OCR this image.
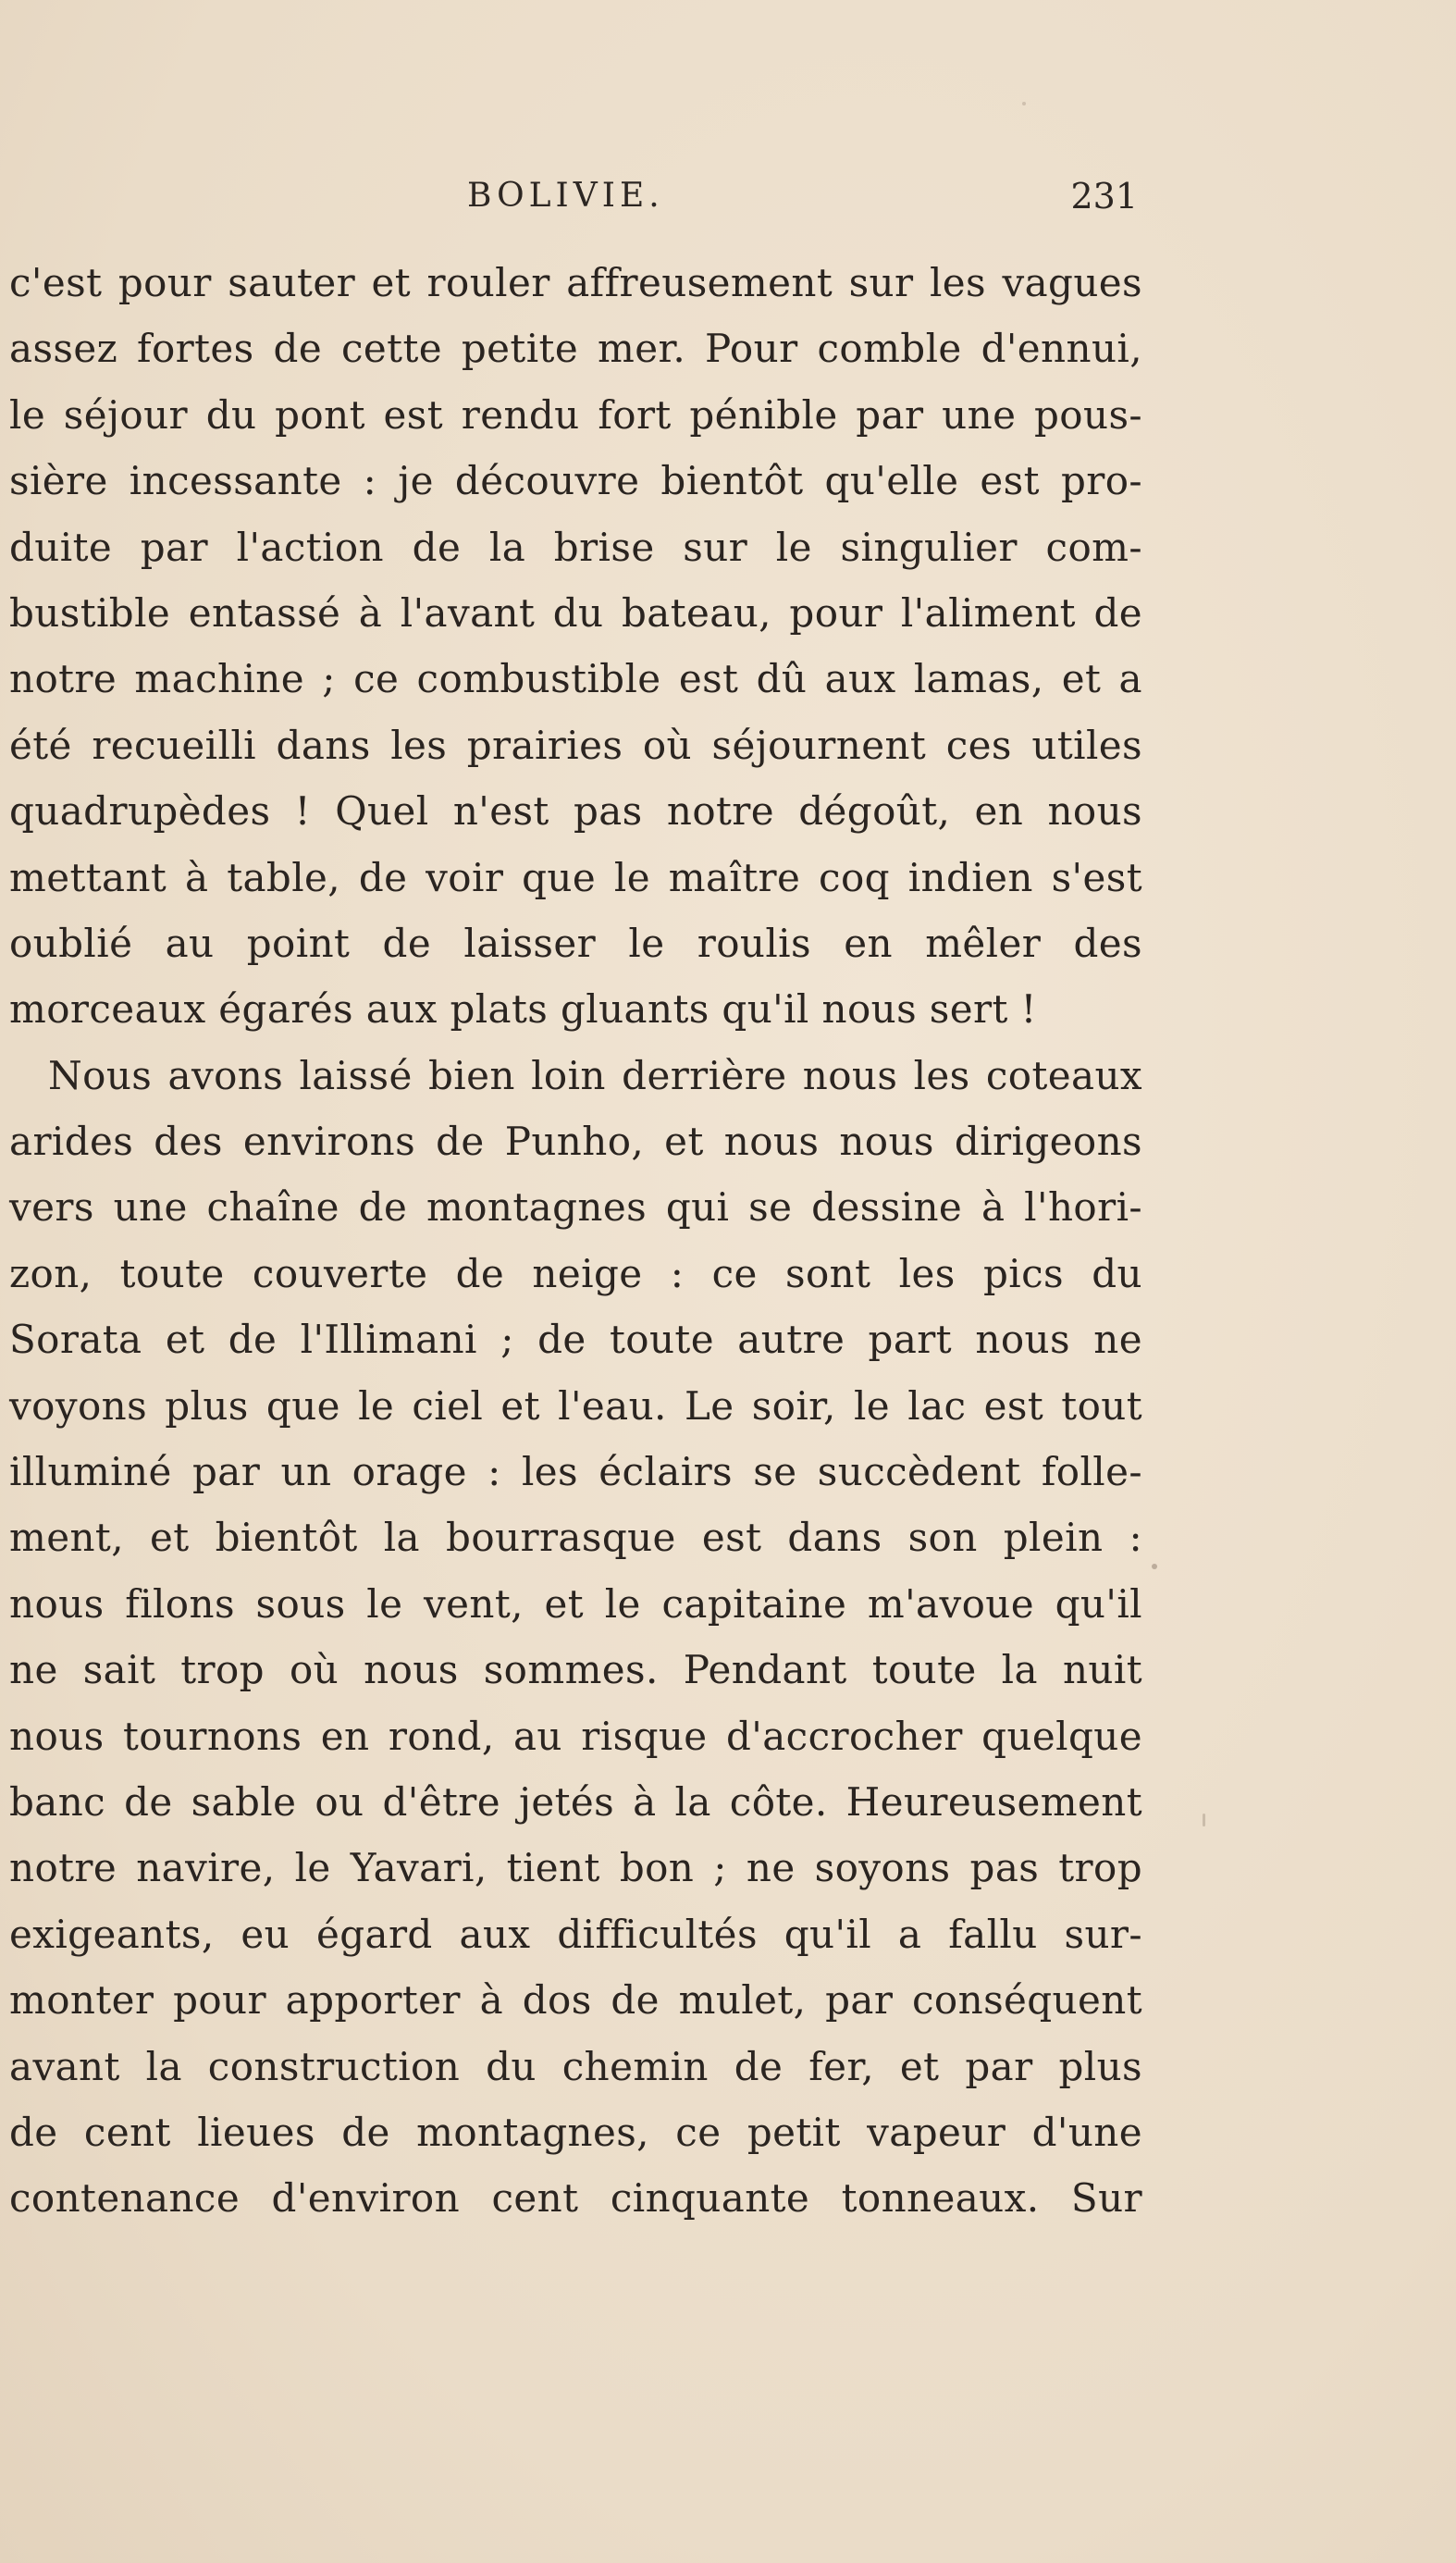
BOLIVIE.	231
c'est pour sauter et rouler affreusement sur les vagues
assez fortes de cette petite mer. Pour comble d'ennui,
le séjour du pont est rendu fort pénible par une pous-
sière incessante : je découvre bientôt qu'elle est pro-
duite par l'action de la brise sur le singulier com-
bustible entassé à l'avant du bateau, pour l'aliment de
notre machine ; ce combustible est dû aux lamas, et a
été recueilli dans les prairies où séjournent ces utiles
quadrupèdes ! Quel n'est pas notre dégoût, en nous
mettant à table, de voir que le maître coq indien s'est
oublié au point de laisser le roulis en mêler des
morceaux égarés aux plats gluants qu'il nous sert !
Nous avons laissé bien loin derrière nous les coteaux
arides des environs de Punho, et nous nous dirigeons
vers une chaîne de montagnes qui se dessine à l'hori-
zon, toute couverte de neige : ce sont les pics du
Sorata et de l'Illimani ; de toute autre part nous ne
voyons plus que le ciel et l'eau. Le soir, le lac est tout
illuminé par un orage : les éclairs se succèdent folle-
ment, et bientôt la bourrasque est dans son plein :
nous filons sous le vent, et le capitaine m'avoue qu'il
ne sait trop où nous sommes. Pendant toute la nuit
nous tournons en rond, au risque d'accrocher quelque
banc de sable ou d'être jetés à la côte. Heureusement
notre navire, le Yavari, tient bon ; ne soyons pas trop
exigeants, eu égard aux difficultés qu'il a fallu sur-
monter pour apporter à dos de mulet, par conséquent
avant la construction du chemin de fer, et par plus
de cent lieues de montagnes, ce petit vapeur d'une
contenance d'environ cent cinquante tonneaux. Sur
